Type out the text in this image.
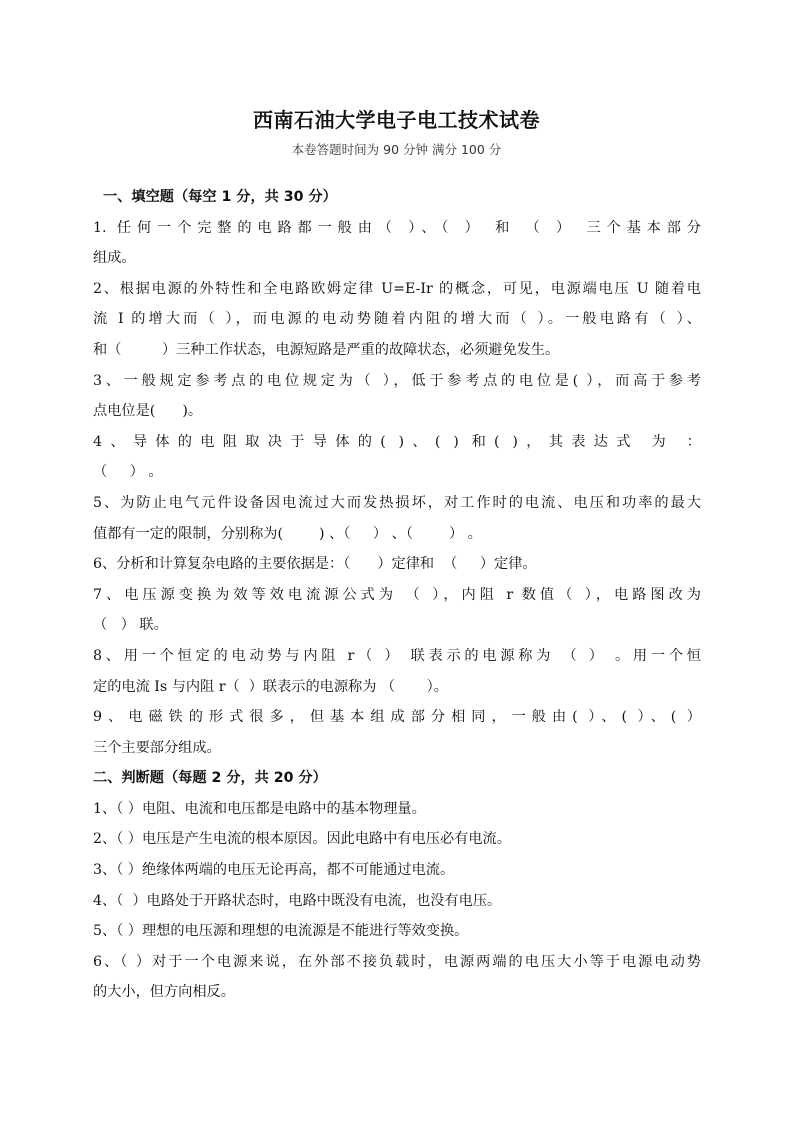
西南石油大学电子电工技术试卷
本卷答题时间为 90 分钟 满分 100 分
一、填空题（每空 1 分，共 30 分）
1. 任何一个完整的电路都一般由（ ）、（ ） 和 （ ） 三个基本部分
组成。
2、根据电源的外特性和全电路欧姆定律 U=E-Ir 的概念，可见，电源端电压 U 随着电
流 I 的增大而（ ），而电源的电动势随着内阻的增大而（ ）。一般电路有（ ）、
和（         ）三种工作状态，电源短路是严重的故障状态，必须避免发生。
3、一般规定参考点的电位规定为（ ），低于参考点的电位是( ），而高于参考
点电位是(      )。
4、导体的电阻取决于导体的( )、( ) 和( )，其表达式 为 ：
（     ） 。
5、为防止电气元件设备因电流过大而发热损坏，对工作时的电流、电压和功率的最大
值都有一定的限制，分别称为(        ) 、（     ） 、（        ） 。
6、分析和计算复杂电路的主要依据是：（      ）定律和  （     ）定律。
7、电压源变换为效等效电流源公式为 （ ），内阻 r 数值（ ），电路图改为
（   ） 联。
8、用一个恒定的电动势与内阻 r（ ） 联表示的电源称为 （ ） 。用一个恒
定的电流 Is 与内阻 r（  ）联表示的电源称为 （       ）。
9、电磁铁的形式很多，但基本组成部分相同，一般由( ）、( ）、( ）
三个主要部分组成。
二、判断题（每题 2 分，共 20 分）
1、（ ）电阻、电流和电压都是电路中的基本物理量。
2、（ ）电压是产生电流的根本原因。因此电路中有电压必有电流。
3、（ ）绝缘体两端的电压无论再高，都不可能通过电流。
4、（  ）电路处于开路状态时，电路中既没有电流，也没有电压。
5、（ ）理想的电压源和理想的电流源是不能进行等效变换。
6、（ ）对于一个电源来说，在外部不接负载时，电源两端的电压大小等于电源电动势
的大小，但方向相反。
